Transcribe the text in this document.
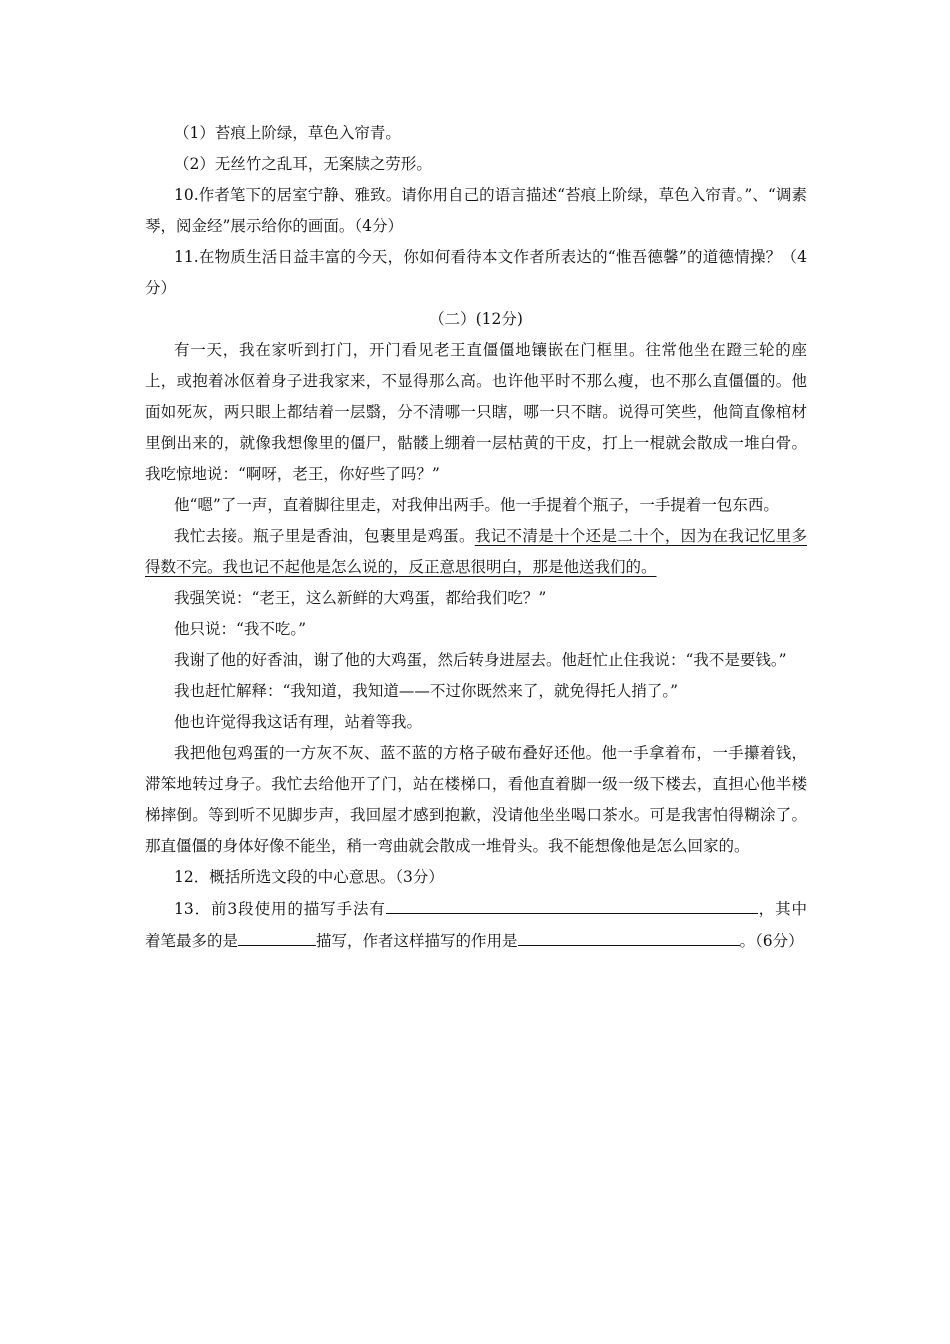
（1）苔痕上阶绿，草色入帘青。

（2）无丝竹之乱耳，无案牍之劳形。

10.作者笔下的居室宁静、雅致。请你用自己的语言描述“苔痕上阶绿，草色入帘青。”、“调素琴，阅金经”展示给你的画面。（4分）

11.在物质生活日益丰富的今天，你如何看待本文作者所表达的“惟吾德馨”的道德情操？（4分）

（二）(12分)

有一天，我在家听到打门，开门看见老王直僵僵地镶嵌在门框里。往常他坐在蹬三轮的座上，或抱着冰伛着身子进我家来，不显得那么高。也许他平时不那么瘦，也不那么直僵僵的。他面如死灰，两只眼上都结着一层翳，分不清哪一只瞎，哪一只不瞎。说得可笑些，他简直像棺材里倒出来的，就像我想像里的僵尸，骷髅上绷着一层枯黄的干皮，打上一棍就会散成一堆白骨。我吃惊地说：“啊呀，老王，你好些了吗？”

他“嗯”了一声，直着脚往里走，对我伸出两手。他一手提着个瓶子，一手提着一包东西。

我忙去接。瓶子里是香油，包裹里是鸡蛋。我记不清是十个还是二十个，因为在我记忆里多得数不完。我也记不起他是怎么说的，反正意思很明白，那是他送我们的。

我强笑说：“老王，这么新鲜的大鸡蛋，都给我们吃？”

他只说：“我不吃。”

我谢了他的好香油，谢了他的大鸡蛋，然后转身进屋去。他赶忙止住我说：“我不是要钱。”

我也赶忙解释：“我知道，我知道——不过你既然来了，就免得托人捎了。”

他也许觉得我这话有理，站着等我。

我把他包鸡蛋的一方灰不灰、蓝不蓝的方格子破布叠好还他。他一手拿着布，一手攥着钱，滞笨地转过身子。我忙去给他开了门，站在楼梯口，看他直着脚一级一级下楼去，直担心他半楼梯摔倒。等到听不见脚步声，我回屋才感到抱歉，没请他坐坐喝口茶水。可是我害怕得糊涂了。那直僵僵的身体好像不能坐，稍一弯曲就会散成一堆骨头。我不能想像他是怎么回家的。

12．概括所选文段的中心意思。（3分）

13．前3段使用的描写手法有	，其中着笔最多的是	描写，作者这样描写的作用是	。（6分）
